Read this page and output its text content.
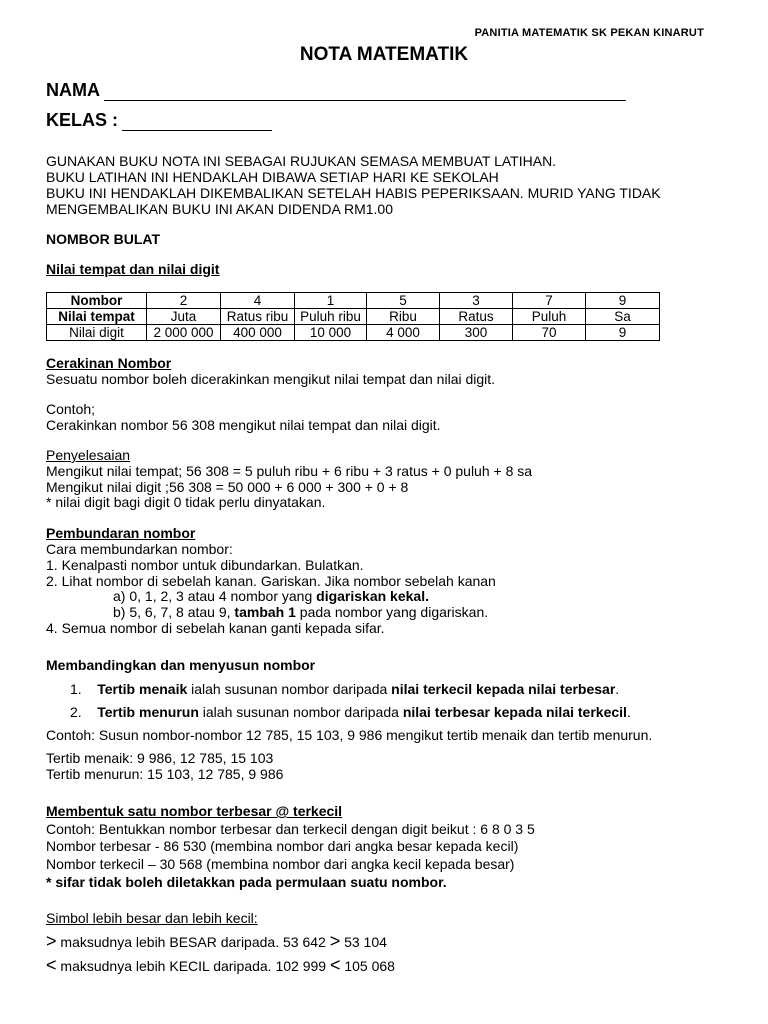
PANITIA MATEMATIK SK PEKAN KINARUT
NOTA MATEMATIK
NAMA
KELAS :
GUNAKAN BUKU NOTA INI SEBAGAI RUJUKAN SEMASA MEMBUAT LATIHAN.
BUKU LATIHAN INI HENDAKLAH DIBAWA SETIAP HARI KE SEKOLAH
BUKU INI HENDAKLAH DIKEMBALIKAN SETELAH HABIS PEPERIKSAAN. MURID YANG TIDAK
MENGEMBALIKAN BUKU INI AKAN DIDENDA RM1.00
NOMBOR BULAT
Nilai tempat dan nilai digit
Nombor	2	4	1	5	3	7	9
Nilai tempat	Juta	Ratus ribu	Puluh ribu	Ribu	Ratus	Puluh	Sa
Nilai digit	2 000 000	400 000	10 000	4 000	300	70	9
Cerakinan Nombor
Sesuatu nombor boleh dicerakinkan mengikut nilai tempat dan nilai digit.
Contoh;
Cerakinkan nombor 56 308 mengikut nilai tempat dan nilai digit.
Penyelesaian
Mengikut nilai tempat; 56 308 = 5 puluh ribu + 6 ribu + 3 ratus + 0 puluh + 8 sa
Mengikut nilai digit ;56 308 = 50 000 + 6 000 + 300 + 0 + 8
* nilai digit bagi digit 0 tidak perlu dinyatakan.
Pembundaran nombor
Cara membundarkan nombor:
1. Kenalpasti nombor untuk dibundarkan. Bulatkan.
2. Lihat nombor di sebelah kanan. Gariskan. Jika nombor sebelah kanan
a) 0, 1, 2, 3 atau 4 nombor yang digariskan kekal.
b) 5, 6, 7, 8 atau 9, tambah 1 pada nombor yang digariskan.
4. Semua nombor di sebelah kanan ganti kepada sifar.
Membandingkan dan menyusun nombor
1. Tertib menaik ialah susunan nombor daripada nilai terkecil kepada nilai terbesar.
2. Tertib menurun ialah susunan nombor daripada nilai terbesar kepada nilai terkecil.
Contoh: Susun nombor-nombor 12 785, 15 103, 9 986 mengikut tertib menaik dan tertib menurun.
Tertib menaik: 9 986, 12 785, 15 103
Tertib menurun: 15 103, 12 785, 9 986
Membentuk satu nombor terbesar @ terkecil
Contoh: Bentukkan nombor terbesar dan terkecil dengan digit beikut : 6 8 0 3 5
Nombor terbesar - 86 530 (membina nombor dari angka besar kepada kecil)
Nombor terkecil – 30 568 (membina nombor dari angka kecil kepada besar)
* sifar tidak boleh diletakkan pada permulaan suatu nombor.
Simbol lebih besar dan lebih kecil:
> maksudnya lebih BESAR daripada. 53 642 > 53 104
< maksudnya lebih KECIL daripada. 102 999 < 105 068
